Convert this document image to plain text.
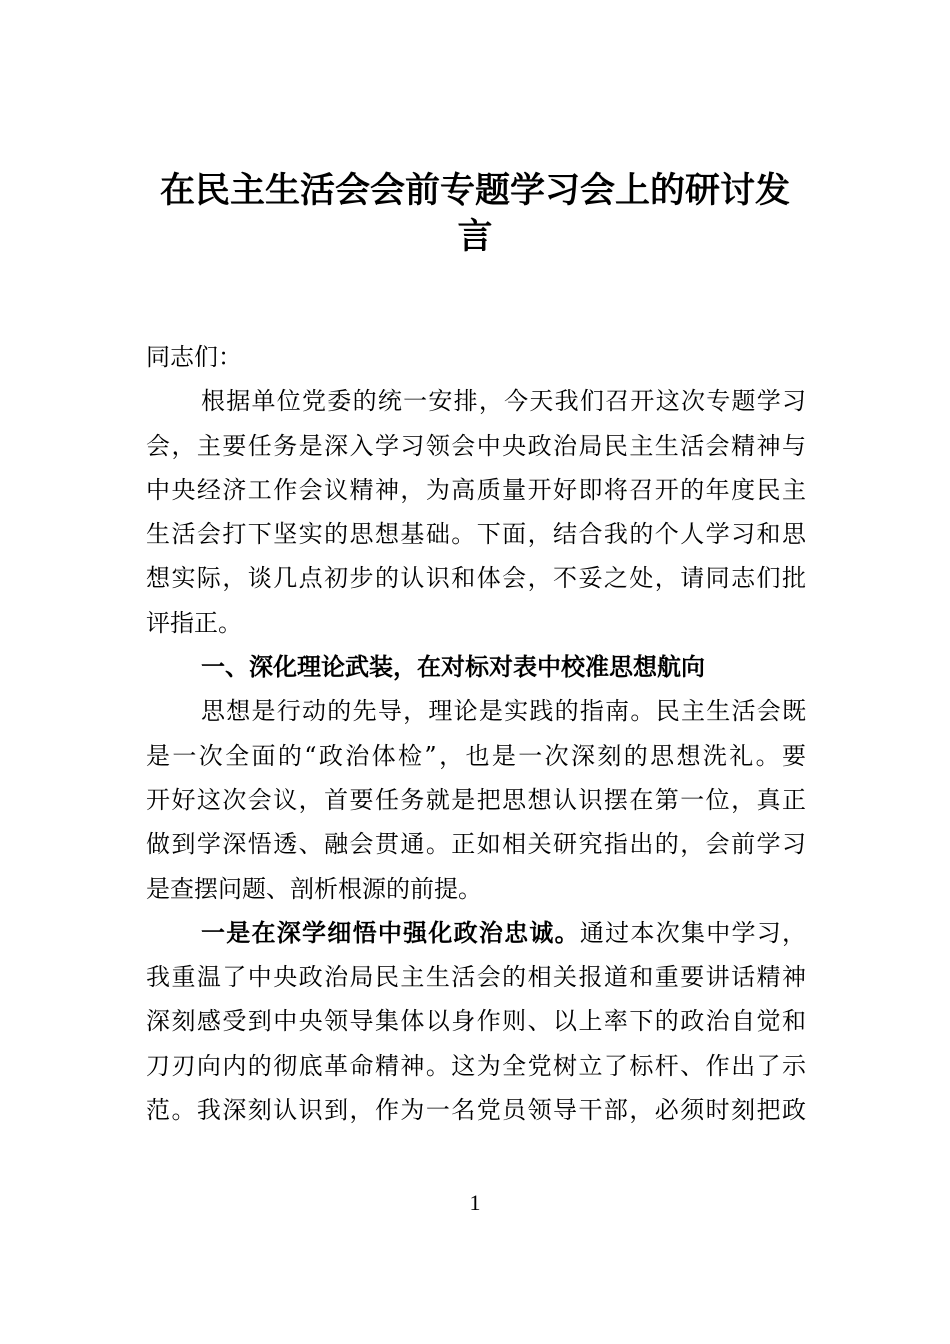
在民主生活会会前专题学习会上的研讨发
言
同志们：
根据单位党委的统一安排，今天我们召开这次专题学习
会，主要任务是深入学习领会中央政治局民主生活会精神与
中央经济工作会议精神，为高质量开好即将召开的年度民主
生活会打下坚实的思想基础。下面，结合我的个人学习和思
想实际，谈几点初步的认识和体会，不妥之处，请同志们批
评指正。
一、深化理论武装，在对标对表中校准思想航向
思想是行动的先导，理论是实践的指南。民主生活会既
是一次全面的“政治体检”，也是一次深刻的思想洗礼。要
开好这次会议，首要任务就是把思想认识摆在第一位，真正
做到学深悟透、融会贯通。正如相关研究指出的，会前学习
是查摆问题、剖析根源的前提。
一是在深学细悟中强化政治忠诚。通过本次集中学习，
我重温了中央政治局民主生活会的相关报道和重要讲话精神
深刻感受到中央领导集体以身作则、以上率下的政治自觉和
刀刃向内的彻底革命精神。这为全党树立了标杆、作出了示
范。我深刻认识到，作为一名党员领导干部，必须时刻把政
1
